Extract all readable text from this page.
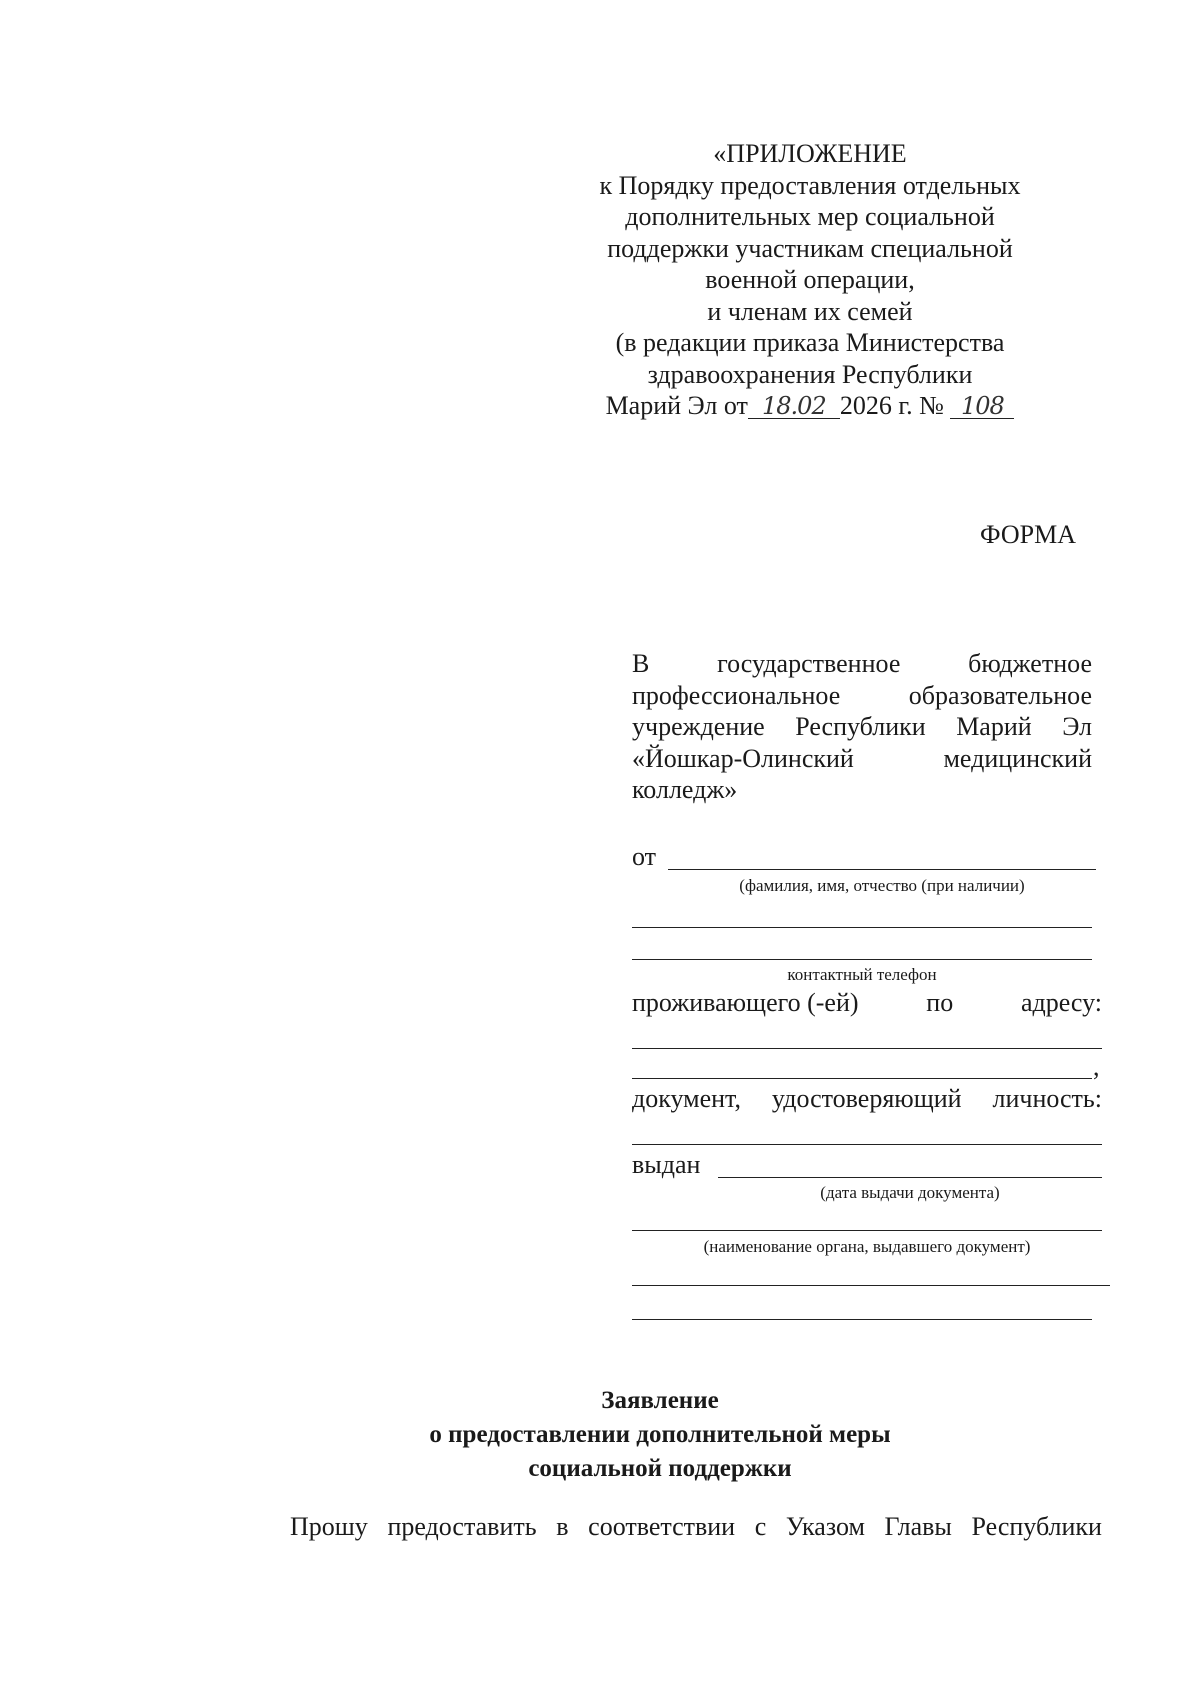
«ПРИЛОЖЕНИЕ
к Порядку предоставления отдельных
дополнительных мер социальной
поддержки участникам специальной
военной операции,
и членам их семей
(в редакции приказа Министерства
здравоохранения Республики
Марий Эл от 18.02 2026 г. № 108
ФОРМА
В	государственное	бюджетное
профессиональное	образовательное
учреждение Республики Марий Эл
«Йошкар-Олинский	медицинский
колледж»
от
(фамилия, имя, отчество (при наличии)
контактный телефон
проживающего (-ей)	по	адресу:
,
документ, удостоверяющий личность:
выдан
(дата выдачи документа)
(наименование органа, выдавшего документ)
Заявление
о предоставлении дополнительной меры
социальной поддержки
Прошу предоставить в соответствии с Указом Главы Республики
